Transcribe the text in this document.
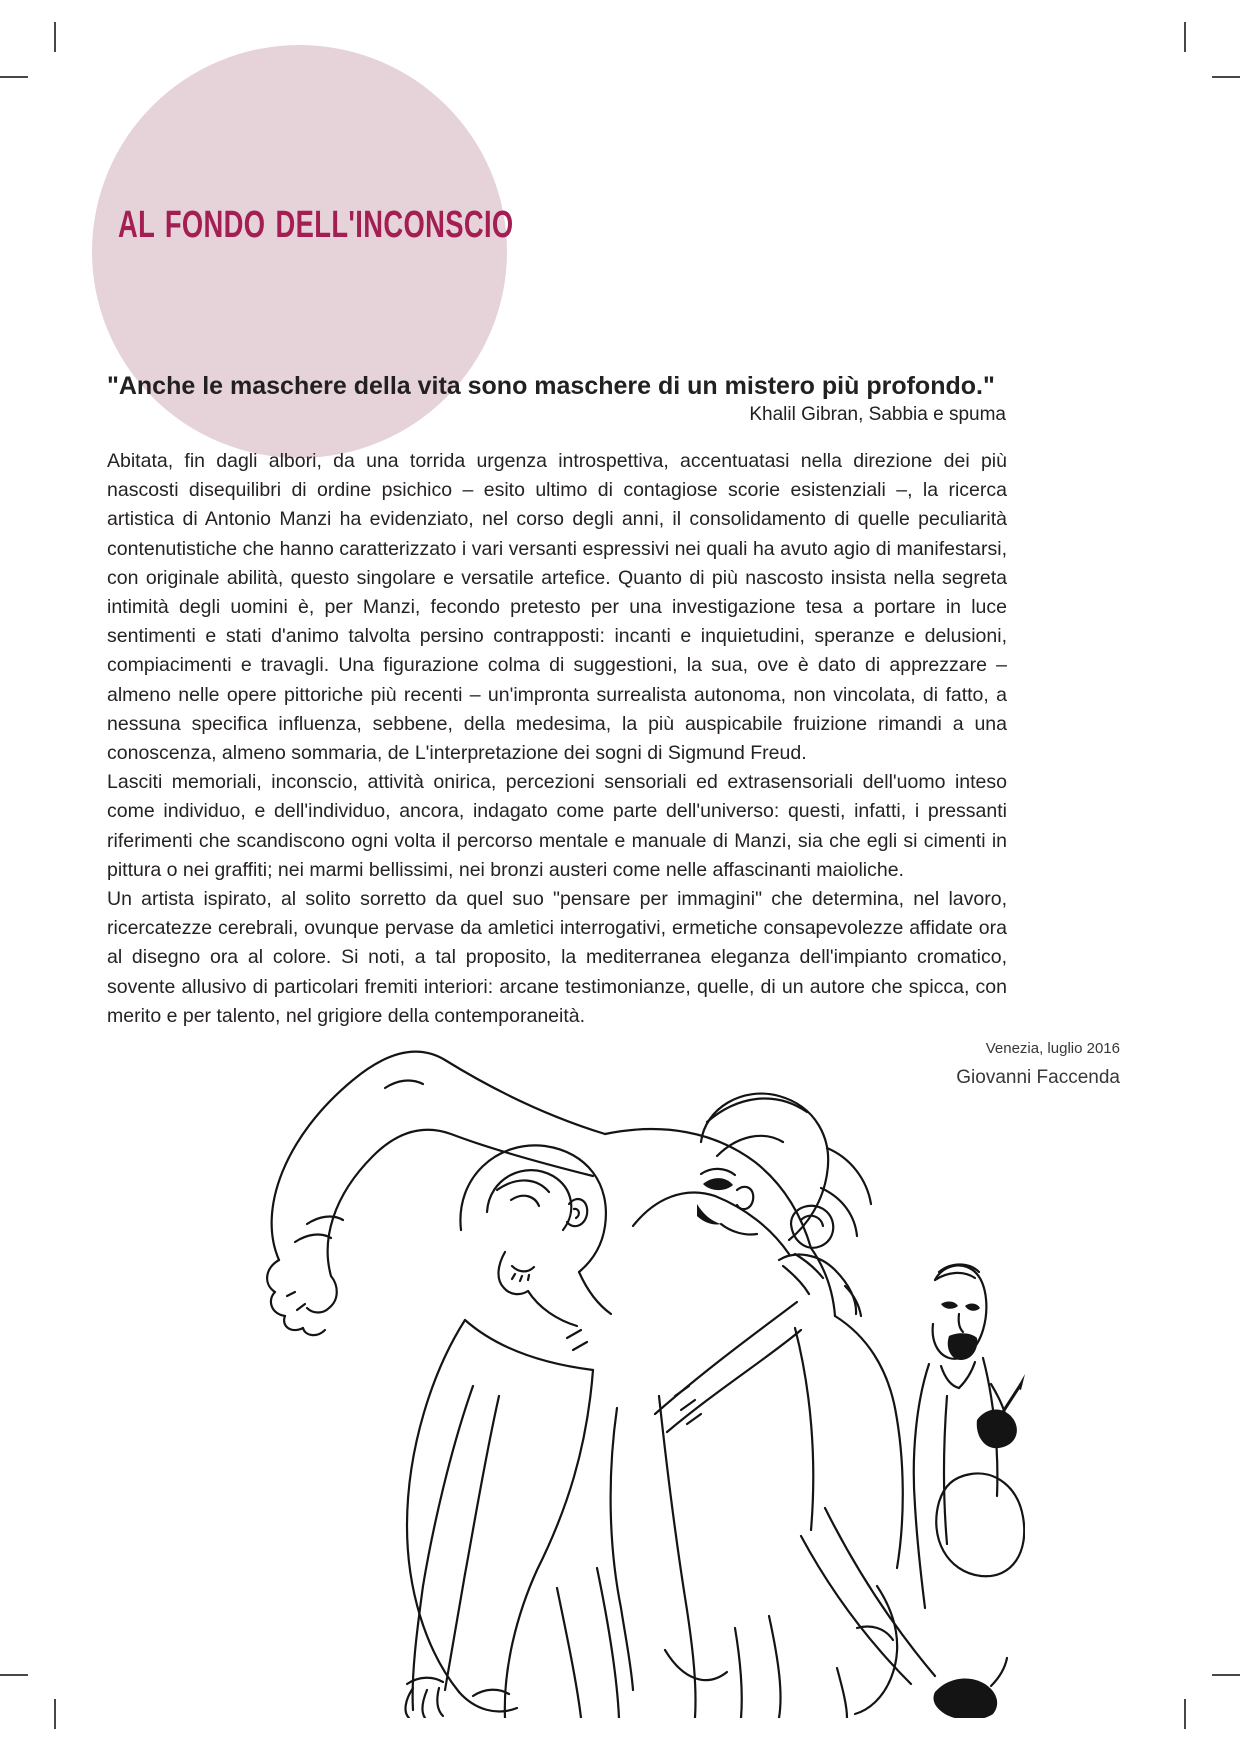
AL FONDO DELL'INCONSCIO
"Anche le maschere della vita sono maschere di un mistero più profondo."
Khalil Gibran, Sabbia e spuma

Abitata, fin dagli albori, da una torrida urgenza introspettiva, accentuatasi nella direzione dei più nascosti disequilibri di ordine psichico – esito ultimo di contagiose scorie esistenziali –, la ricerca artistica di Antonio Manzi ha evidenziato, nel corso degli anni, il consolidamento di quelle peculiarità contenutistiche che hanno caratterizzato i vari versanti espressivi nei quali ha avuto agio di manifestarsi, con originale abilità, questo singolare e versatile artefice. Quanto di più nascosto insista nella segreta intimità degli uomini è, per Manzi, fecondo pretesto per una investigazione tesa a portare in luce sentimenti e stati d'animo talvolta persino contrapposti: incanti e inquietudini, speranze e delusioni, compiacimenti e travagli. Una figurazione colma di suggestioni, la sua, ove è dato di apprezzare – almeno nelle opere pittoriche più recenti – un'impronta surrealista autonoma, non vincolata, di fatto, a nessuna specifica influenza, sebbene, della medesima, la più auspicabile fruizione rimandi a una conoscenza, almeno sommaria, de L'interpretazione dei sogni di Sigmund Freud.

Lasciti memoriali, inconscio, attività onirica, percezioni sensoriali ed extrasensoriali dell'uomo inteso come individuo, e dell'individuo, ancora, indagato come parte dell'universo: questi, infatti, i pressanti riferimenti che scandiscono ogni volta il percorso mentale e manuale di Manzi, sia che egli si cimenti in pittura o nei graffiti; nei marmi bellissimi, nei bronzi austeri come nelle affascinanti maioliche.

Un artista ispirato, al solito sorretto da quel suo "pensare per immagini" che determina, nel lavoro, ricercatezze cerebrali, ovunque pervase da amletici interrogativi, ermetiche consapevolezze affidate ora al disegno ora al colore. Si noti, a tal proposito, la mediterranea eleganza dell'impianto cromatico, sovente allusivo di particolari fremiti interiori: arcane testimonianze, quelle, di un autore che spicca, con merito e per talento, nel grigiore della contemporaneità.

Venezia, luglio 2016
Giovanni Faccenda
